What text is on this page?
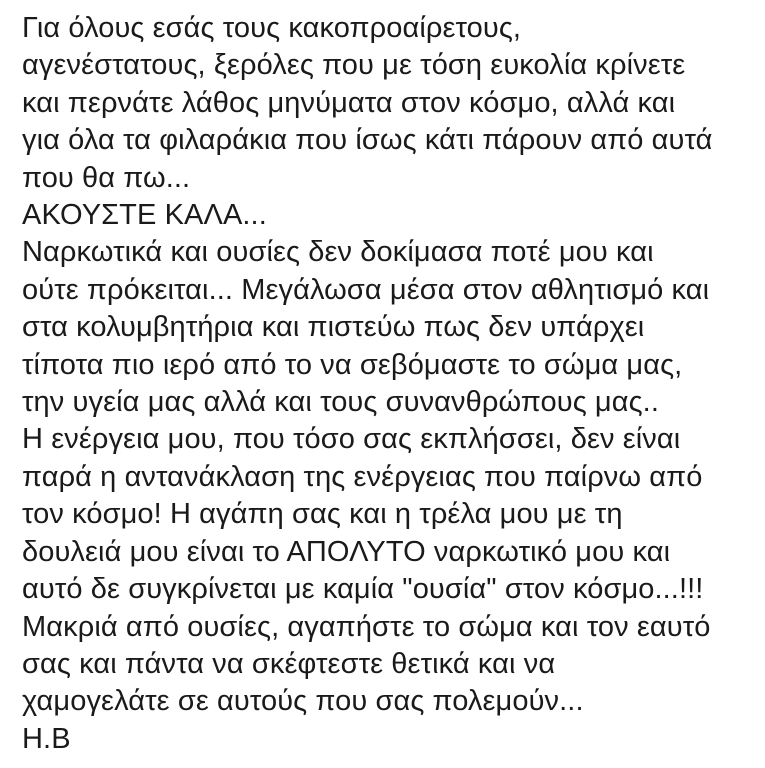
Για όλους εσάς τους κακοπροαίρετους,
αγενέστατους, ξερόλες που με τόση ευκολία κρίνετε
και περνάτε λάθος μηνύματα στον κόσμο, αλλά και
για όλα τα φιλαράκια που ίσως κάτι πάρουν από αυτά
που θα πω...
ΑΚΟΥΣΤΕ ΚΑΛΑ...
Ναρκωτικά και ουσίες δεν δοκίμασα ποτέ μου και
ούτε πρόκειται... Μεγάλωσα μέσα στον αθλητισμό και
στα κολυμβητήρια και πιστεύω πως δεν υπάρχει
τίποτα πιο ιερό από το να σεβόμαστε το σώμα μας,
την υγεία μας αλλά και τους συνανθρώπους μας..
Η ενέργεια μου, που τόσο σας εκπλήσσει, δεν είναι
παρά η αντανάκλαση της ενέργειας που παίρνω από
τον κόσμο! Η αγάπη σας και η τρέλα μου με τη
δουλειά μου είναι το ΑΠΟΛΥΤΟ ναρκωτικό μου και
αυτό δε συγκρίνεται με καμία "ουσία" στον κόσμο...!!!
Μακριά από ουσίες, αγαπήστε το σώμα και τον εαυτό
σας και πάντα να σκέφτεστε θετικά και να
χαμογελάτε σε αυτούς που σας πολεμούν...
Η.Β
